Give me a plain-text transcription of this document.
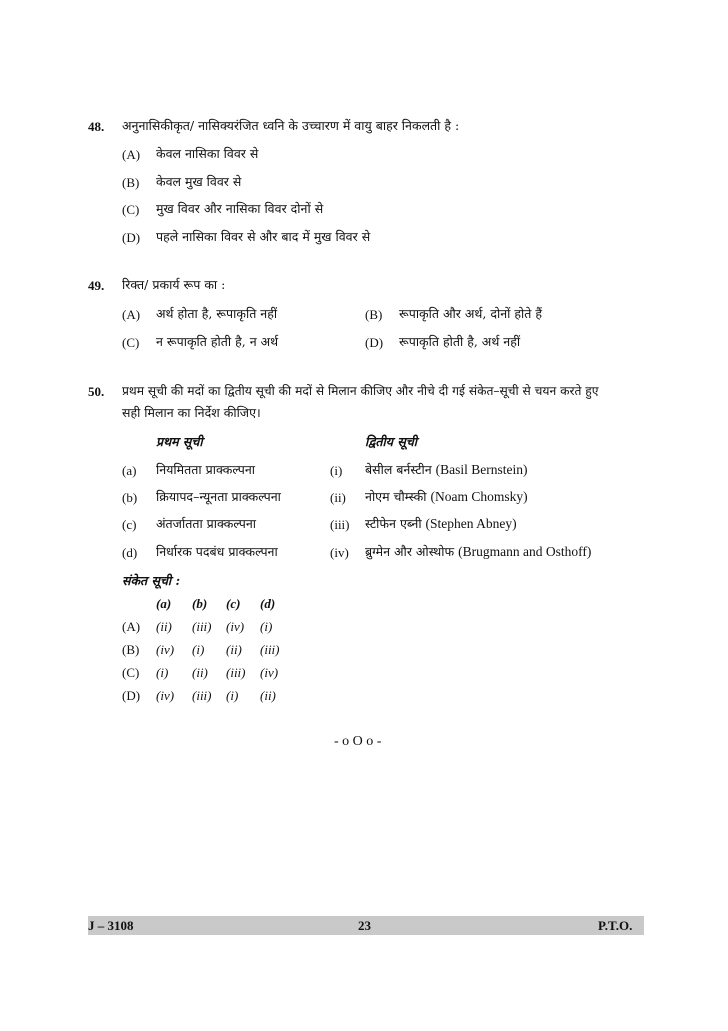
48. अनुनासिकीकृत/ नासिक्यरंजित ध्वनि के उच्चारण में वायु बाहर निकलती है :
(A) केवल नासिका विवर से
(B) केवल मुख विवर से
(C) मुख विवर और नासिका विवर दोनों से
(D) पहले नासिका विवर से और बाद में मुख विवर से
49. रिक्त/ प्रकार्य रूप का :
(A) अर्थ होता है, रूपाकृति नहीं	(B) रूपाकृति और अर्थ, दोनों होते हैं
(C) न रूपाकृति होती है, न अर्थ	(D) रूपाकृति होती है, अर्थ नहीं
50. प्रथम सूची की मदों का द्वितीय सूची की मदों से मिलान कीजिए और नीचे दी गई संकेत–सूची से चयन करते हुए
सही मिलान का निर्देश कीजिए।
प्रथम सूची	द्वितीय सूची
(a) नियमितता प्राक्कल्पना	(i) बेसील बर्नस्टीन (Basil Bernstein)
(b) क्रियापद–न्यूनता प्राक्कल्पना	(ii) नोएम चौम्स्की (Noam Chomsky)
(c) अंतर्जातता प्राक्कल्पना	(iii) स्टीफेन एब्नी (Stephen Abney)
(d) निर्धारक पदबंध प्राक्कल्पना	(iv) ब्रुग्मेन और ओस्थोफ (Brugmann and Osthoff)
संकेत सूची :
(a) (b) (c) (d)
(A) (ii) (iii) (iv) (i)
(B) (iv) (i) (ii) (iii)
(C) (i) (ii) (iii) (iv)
(D) (iv) (iii) (i) (ii)
- o O o -
J – 3108	23	P.T.O.
